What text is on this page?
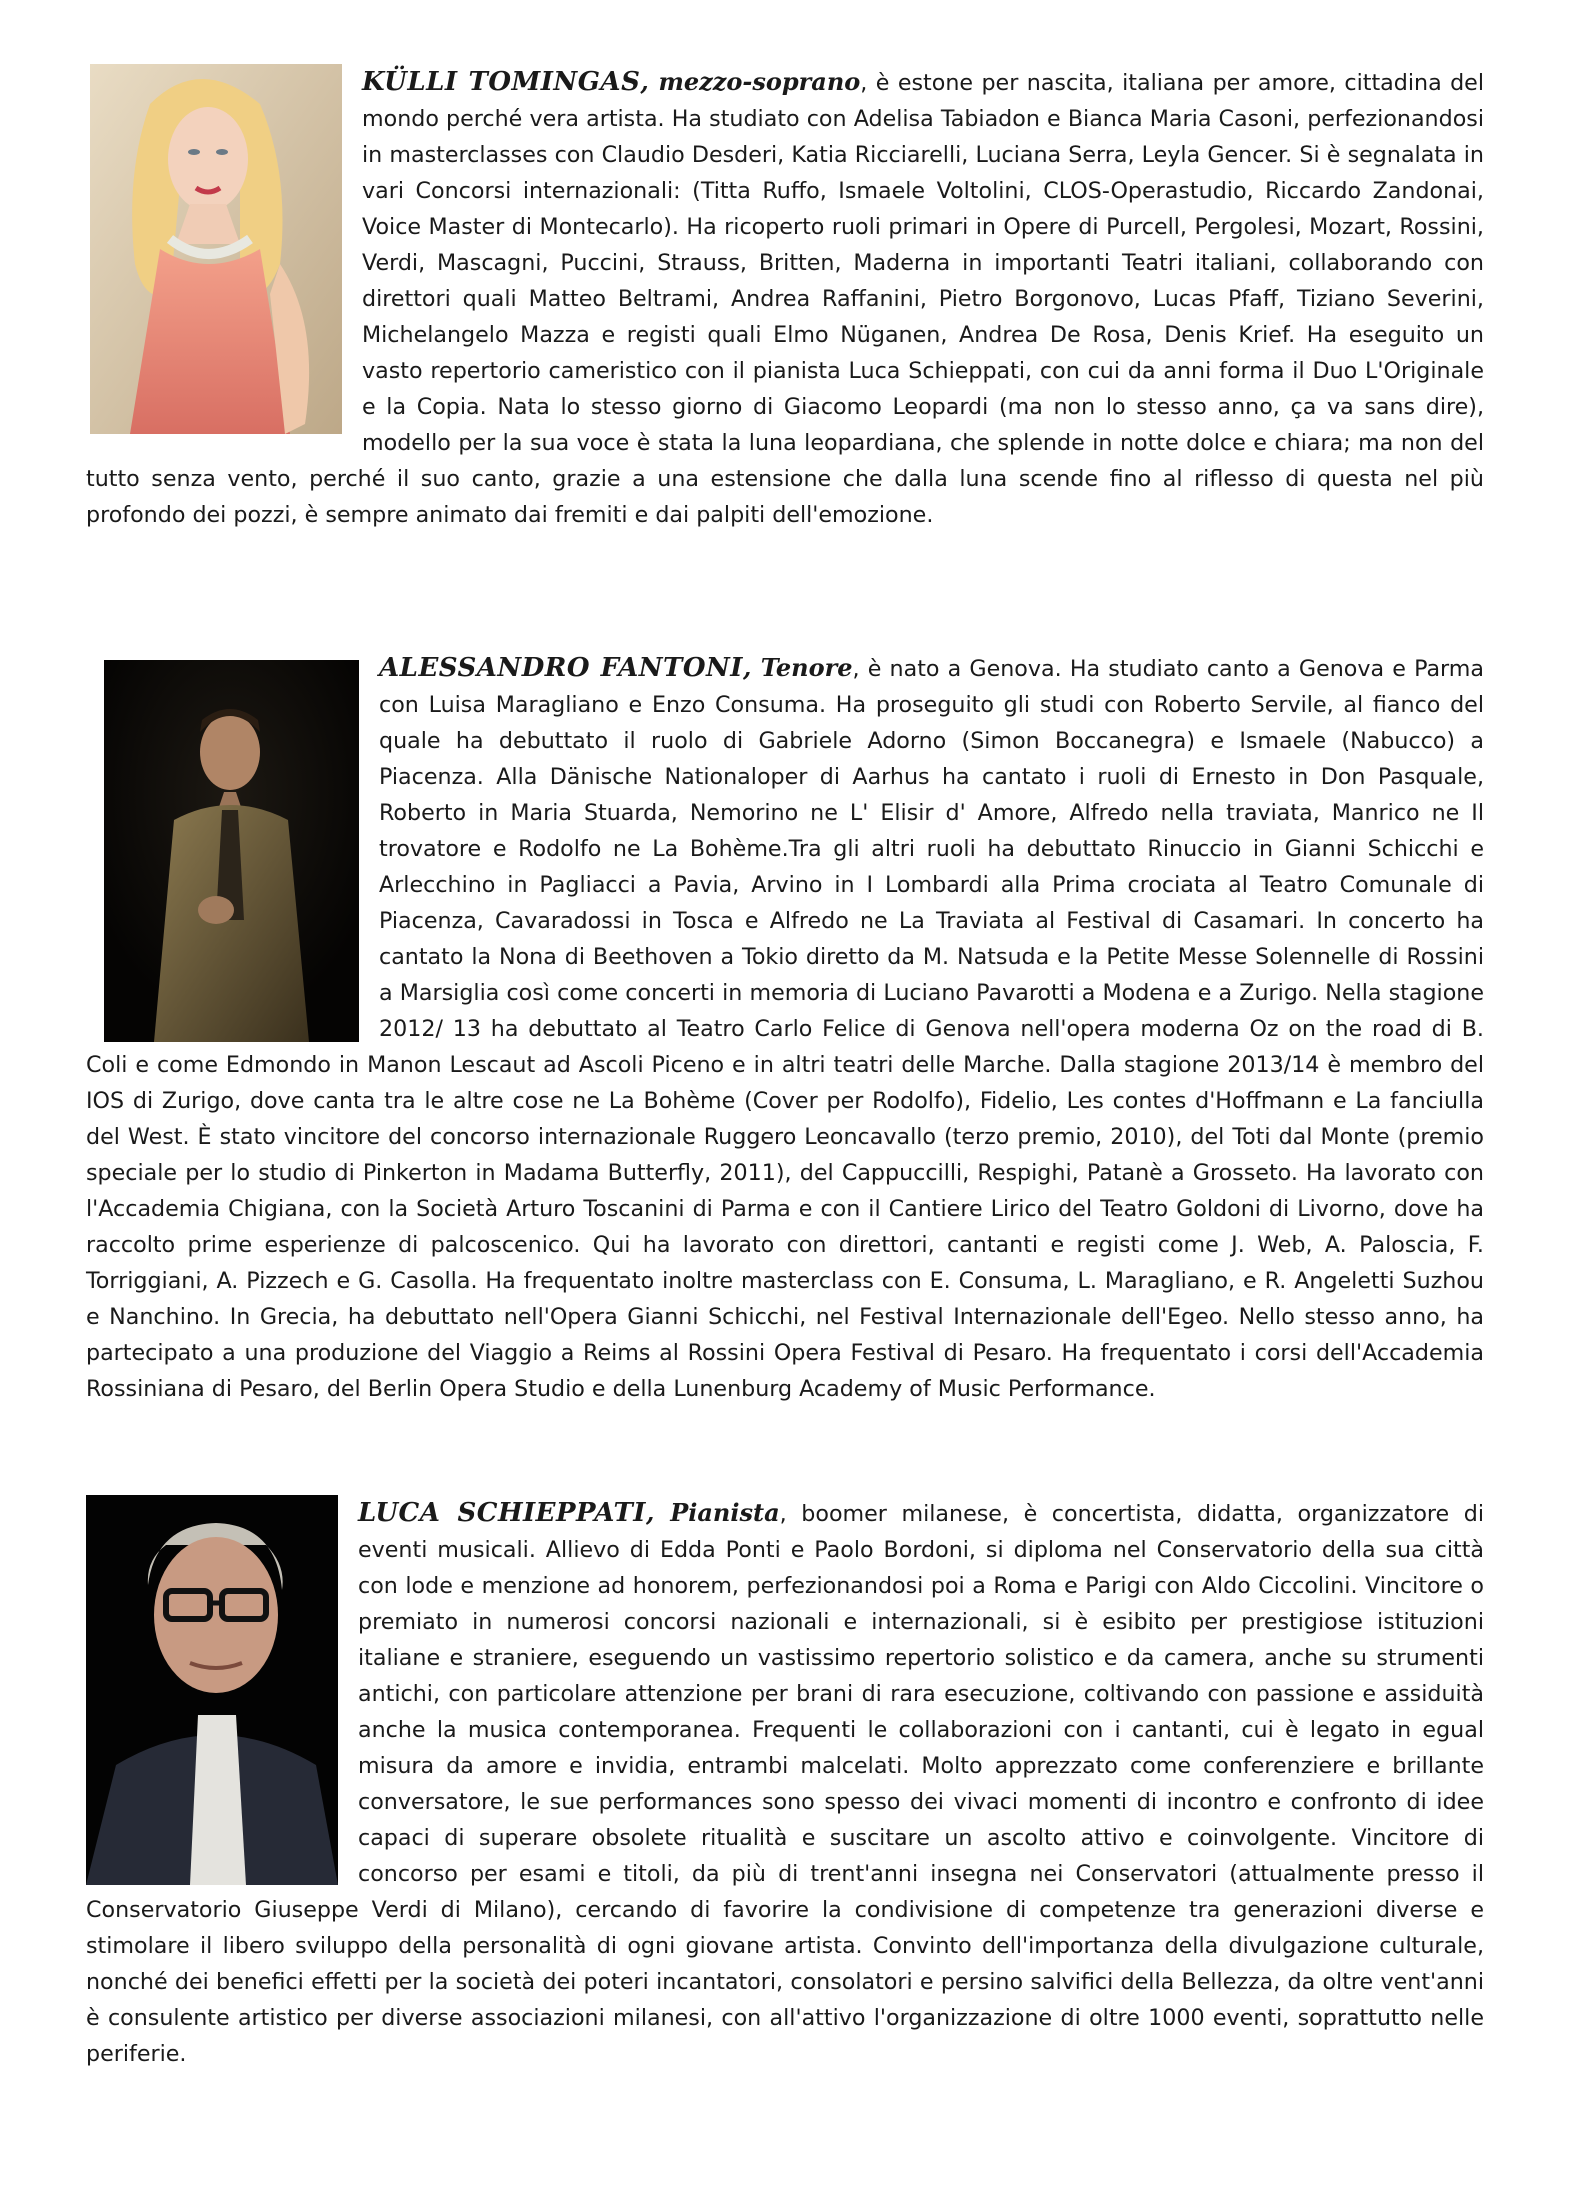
KÜLLI TOMINGAS, mezzo-soprano, è estone per nascita, italiana per amore, cittadina del mondo perché vera artista. Ha studiato con Adelisa Tabiadon e Bianca Maria Casoni, perfezionandosi in masterclasses con Claudio Desderi, Katia Ricciarelli, Luciana Serra, Leyla Gencer. Si è segnalata in vari Concorsi internazionali: (Titta Ruffo, Ismaele Voltolini, CLOS-Operastudio, Riccardo Zandonai, Voice Master di Montecarlo). Ha ricoperto ruoli primari in Opere di Purcell, Pergolesi, Mozart, Rossini, Verdi, Mascagni, Puccini, Strauss, Britten, Maderna in importanti Teatri italiani, collaborando con direttori quali Matteo Beltrami, Andrea Raffanini, Pietro Borgonovo, Lucas Pfaff, Tiziano Severini, Michelangelo Mazza e registi quali Elmo Nüganen, Andrea De Rosa, Denis Krief. Ha eseguito un vasto repertorio cameristico con il pianista Luca Schieppati, con cui da anni forma il Duo L'Originale e la Copia. Nata lo stesso giorno di Giacomo Leopardi (ma non lo stesso anno, ça va sans dire), modello per la sua voce è stata la luna leopardiana, che splende in notte dolce e chiara; ma non del tutto senza vento, perché il suo canto, grazie a una estensione che dalla luna scende fino al riflesso di questa nel più profondo dei pozzi, è sempre animato dai fremiti e dai palpiti dell'emozione.

ALESSANDRO FANTONI, Tenore, è nato a Genova. Ha studiato canto a Genova e Parma con Luisa Maragliano e Enzo Consuma. Ha proseguito gli studi con Roberto Servile, al fianco del quale ha debuttato il ruolo di Gabriele Adorno (Simon Boccanegra) e Ismaele (Nabucco) a Piacenza. Alla Dänische Nationaloper di Aarhus ha cantato i ruoli di Ernesto in Don Pasquale, Roberto in Maria Stuarda, Nemorino ne L' Elisir d' Amore, Alfredo nella traviata, Manrico ne Il trovatore e Rodolfo ne La Bohème.Tra gli altri ruoli ha debuttato Rinuccio in Gianni Schicchi e Arlecchino in Pagliacci a Pavia, Arvino in I Lombardi alla Prima crociata al Teatro Comunale di Piacenza, Cavaradossi in Tosca e Alfredo ne La Traviata al Festival di Casamari. In concerto ha cantato la Nona di Beethoven a Tokio diretto da M. Natsuda e la Petite Messe Solennelle di Rossini a Marsiglia così come concerti in memoria di Luciano Pavarotti a Modena e a Zurigo. Nella stagione 2012/ 13 ha debuttato al Teatro Carlo Felice di Genova nell'opera moderna Oz on the road di B. Coli e come Edmondo in Manon Lescaut ad Ascoli Piceno e in altri teatri delle Marche. Dalla stagione 2013/14 è membro del IOS di Zurigo, dove canta tra le altre cose ne La Bohème (Cover per Rodolfo), Fidelio, Les contes d'Hoffmann e La fanciulla del West. È stato vincitore del concorso internazionale Ruggero Leoncavallo (terzo premio, 2010), del Toti dal Monte (premio speciale per lo studio di Pinkerton in Madama Butterfly, 2011), del Cappuccilli, Respighi, Patanè a Grosseto. Ha lavorato con l'Accademia Chigiana, con la Società Arturo Toscanini di Parma e con il Cantiere Lirico del Teatro Goldoni di Livorno, dove ha raccolto prime esperienze di palcoscenico. Qui ha lavorato con direttori, cantanti e registi come J. Web, A. Paloscia, F. Torriggiani, A. Pizzech e G. Casolla. Ha frequentato inoltre masterclass con E. Consuma, L. Maragliano, e R. Angeletti Suzhou e Nanchino. In Grecia, ha debuttato nell'Opera Gianni Schicchi, nel Festival Internazionale dell'Egeo. Nello stesso anno, ha partecipato a una produzione del Viaggio a Reims al Rossini Opera Festival di Pesaro. Ha frequentato i corsi dell'Accademia Rossiniana di Pesaro, del Berlin Opera Studio e della Lunenburg Academy of Music Performance.

LUCA SCHIEPPATI, Pianista, boomer milanese, è concertista, didatta, organizzatore di eventi musicali. Allievo di Edda Ponti e Paolo Bordoni, si diploma nel Conservatorio della sua città con lode e menzione ad honorem, perfezionandosi poi a Roma e Parigi con Aldo Ciccolini. Vincitore o premiato in numerosi concorsi nazionali e internazionali, si è esibito per prestigiose istituzioni italiane e straniere, eseguendo un vastissimo repertorio solistico e da camera, anche su strumenti antichi, con particolare attenzione per brani di rara esecuzione, coltivando con passione e assiduità anche la musica contemporanea. Frequenti le collaborazioni con i cantanti, cui è legato in egual misura da amore e invidia, entrambi malcelati. Molto apprezzato come conferenziere e brillante conversatore, le sue performances sono spesso dei vivaci momenti di incontro e confronto di idee capaci di superare obsolete ritualità e suscitare un ascolto attivo e coinvolgente. Vincitore di concorso per esami e titoli, da più di trent'anni insegna nei Conservatori (attualmente presso il Conservatorio Giuseppe Verdi di Milano), cercando di favorire la condivisione di competenze tra generazioni diverse e stimolare il libero sviluppo della personalità di ogni giovane artista. Convinto dell'importanza della divulgazione culturale, nonché dei benefici effetti per la società dei poteri incantatori, consolatori e persino salvifici della Bellezza, da oltre vent'anni è consulente artistico per diverse associazioni milanesi, con all'attivo l'organizzazione di oltre 1000 eventi, soprattutto nelle periferie.
